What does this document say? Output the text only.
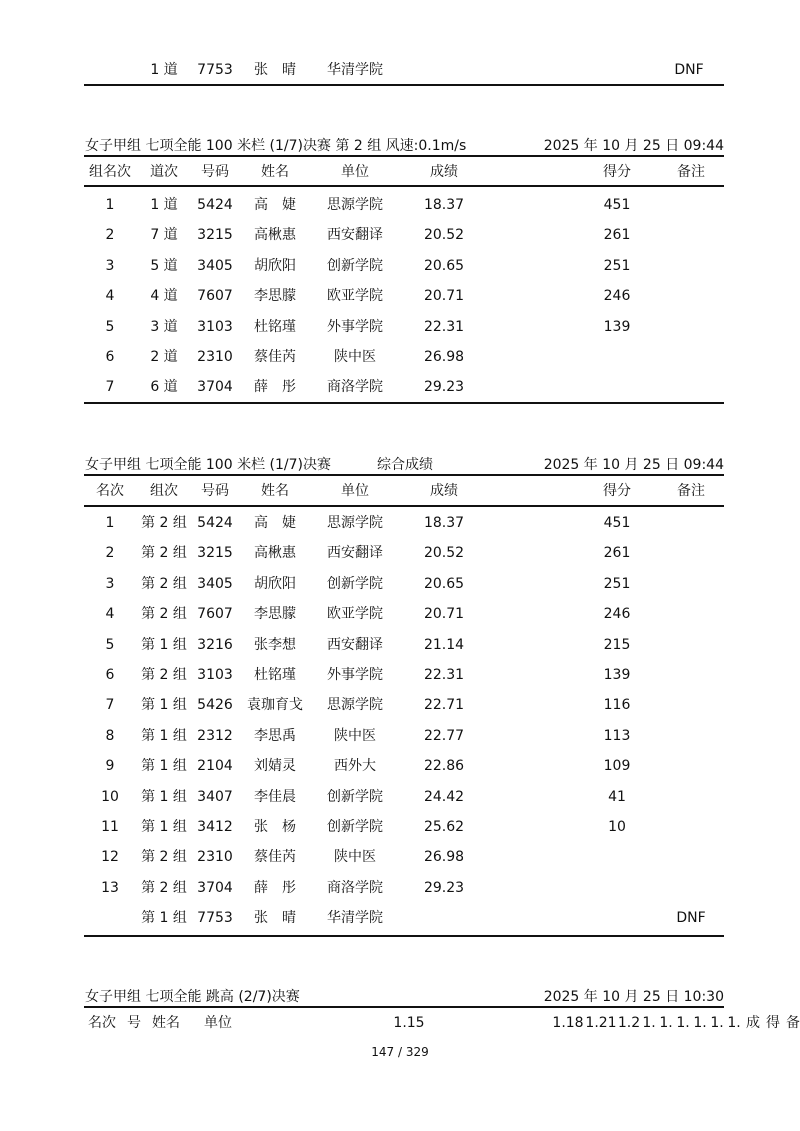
1 道	7753	张　晴	华清学院	DNF
女子甲组 七项全能 100 米栏 (1/7)决赛 第 2 组 风速:0.1m/s	2025 年 10 月 25 日 09:44
组名次	道次	号码	姓名	单位	成绩	得分	备注
1	1 道	5424	高　婕	思源学院	18.37	451
2	7 道	3215	高楸惠	西安翻译	20.52	261
3	5 道	3405	胡欣阳	创新学院	20.65	251
4	4 道	7607	李思朦	欧亚学院	20.71	246
5	3 道	3103	杜铭瑾	外事学院	22.31	139
6	2 道	2310	蔡佳芮	陕中医	26.98
7	6 道	3704	薛　彤	商洛学院	29.23
女子甲组 七项全能 100 米栏 (1/7)决赛	综合成绩	2025 年 10 月 25 日 09:44
名次	组次	号码	姓名	单位	成绩	得分	备注
1	第 2 组 5424	高　婕	思源学院	18.37	451
2	第 2 组 3215	高楸惠	西安翻译	20.52	261
3	第 2 组 3405	胡欣阳	创新学院	20.65	251
4	第 2 组 7607	李思朦	欧亚学院	20.71	246
5	第 1 组 3216	张李想	西安翻译	21.14	215
6	第 2 组 3103	杜铭瑾	外事学院	22.31	139
7	第 1 组 5426	袁珈育戈	思源学院	22.71	116
8	第 1 组 2312	李思禹	陕中医	22.77	113
9	第 1 组 2104	刘婧灵	西外大	22.86	109
10	第 1 组 3407	李佳晨	创新学院	24.42	41
11	第 1 组 3412	张　杨	创新学院	25.62	10
12	第 2 组 2310	蔡佳芮	陕中医	26.98
13	第 2 组 3704	薛　彤	商洛学院	29.23
第 1 组 7753	张　晴	华清学院	DNF
女子甲组 七项全能 跳高 (2/7)决赛	2025 年 10 月 25 日 10:30
名次 号 姓名	单位	1.15	1.18 1.21 1.2 1. 1. 1. 1. 1. 1. 成 得 备
147 / 329
